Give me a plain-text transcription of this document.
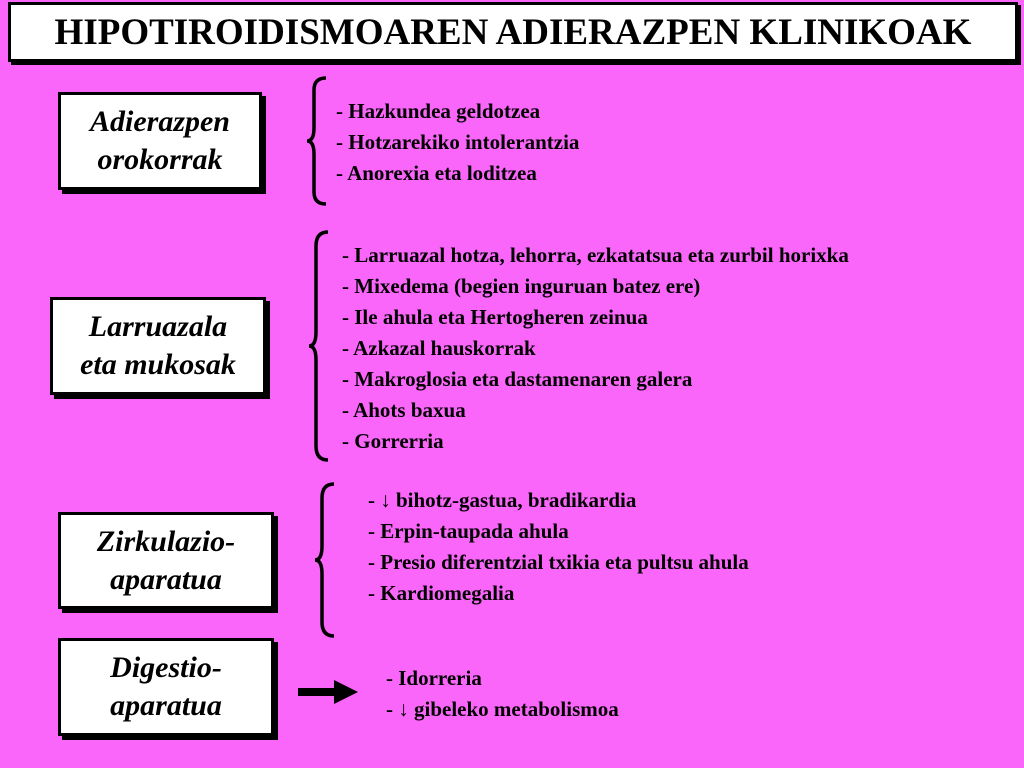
HIPOTIROIDISMOAREN ADIERAZPEN KLINIKOAK
Adierazpen
orokorrak
- Hazkundea geldotzea
- Hotzarekiko intolerantzia
- Anorexia eta loditzea
Larruazala
eta mukosak
- Larruazal hotza, lehorra, ezkatatsua eta zurbil horixka
- Mixedema (begien inguruan batez ere)
- Ile ahula eta Hertogheren zeinua
- Azkazal hauskorrak
- Makroglosia eta dastamenaren galera
- Ahots baxua
- Gorrerria
Zirkulazio-
aparatua
- ↓ bihotz-gastua, bradikardia
- Erpin-taupada ahula
- Presio diferentzial txikia eta pultsu ahula
- Kardiomegalia
Digestio-
aparatua
- Idorreria
- ↓ gibeleko metabolismoa
